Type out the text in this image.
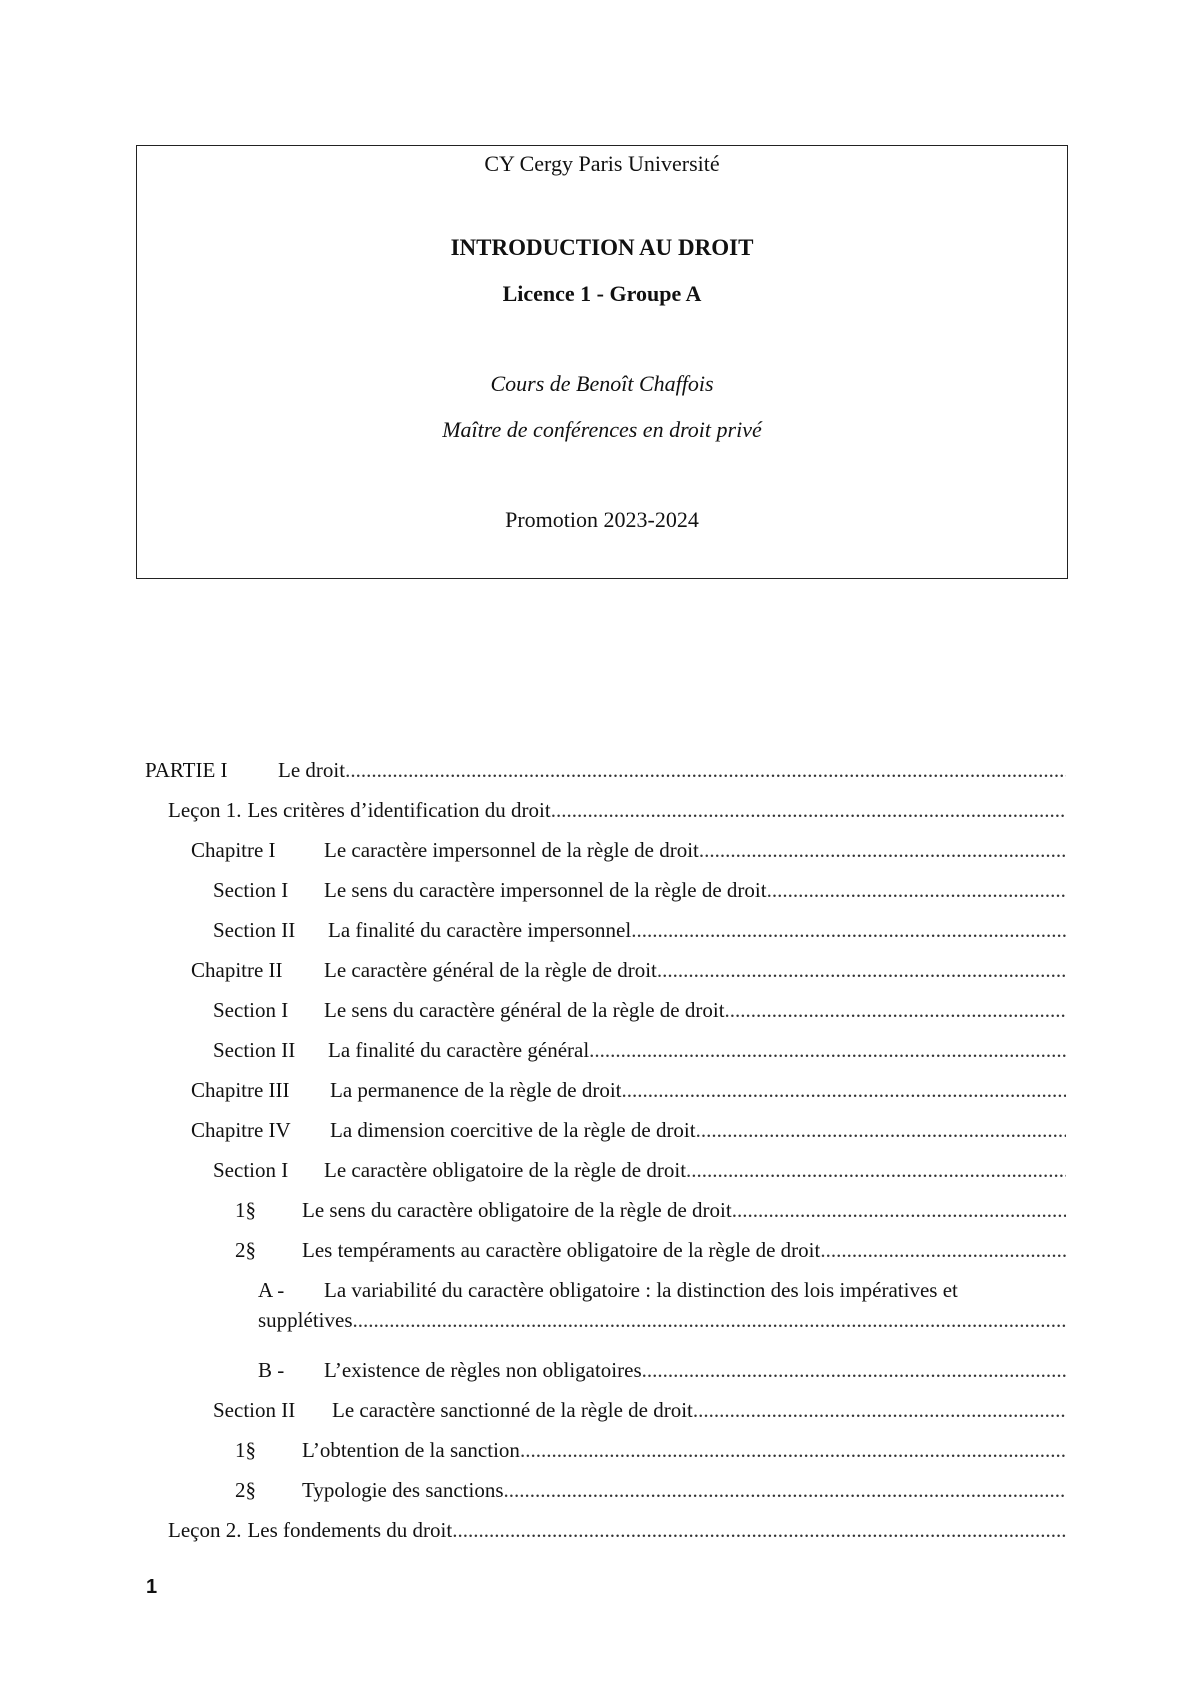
CY Cergy Paris Université
INTRODUCTION AU DROIT
Licence 1 - Groupe A
Cours de Benoît Chaffois
Maître de conférences en droit privé
Promotion 2023-2024
PARTIE I	Le droit
.....
Leçon 1. Les critères d’identification du droit
.....
Chapitre I	Le caractère impersonnel de la règle de droit
.....
Section I	Le sens du caractère impersonnel de la règle de droit
.....
Section II	La finalité du caractère impersonnel
.....
Chapitre II	Le caractère général de la règle de droit
.....
Section I	Le sens du caractère général de la règle de droit
.....
Section II	La finalité du caractère général
.....
Chapitre III	La permanence de la règle de droit
.....
Chapitre IV	La dimension coercitive de la règle de droit
.....
Section I	Le caractère obligatoire de la règle de droit
.....
1§	Le sens du caractère obligatoire de la règle de droit
.....
2§	Les tempéraments au caractère obligatoire de la règle de droit
.....
A -	La variabilité du caractère obligatoire : la distinction des lois impératives et
supplétives
.....
B -	L’existence de règles non obligatoires
.....
Section II	Le caractère sanctionné de la règle de droit
.....
1§	L’obtention de la sanction
.....
2§	Typologie des sanctions
.....
Leçon 2. Les fondements du droit
.....
1
